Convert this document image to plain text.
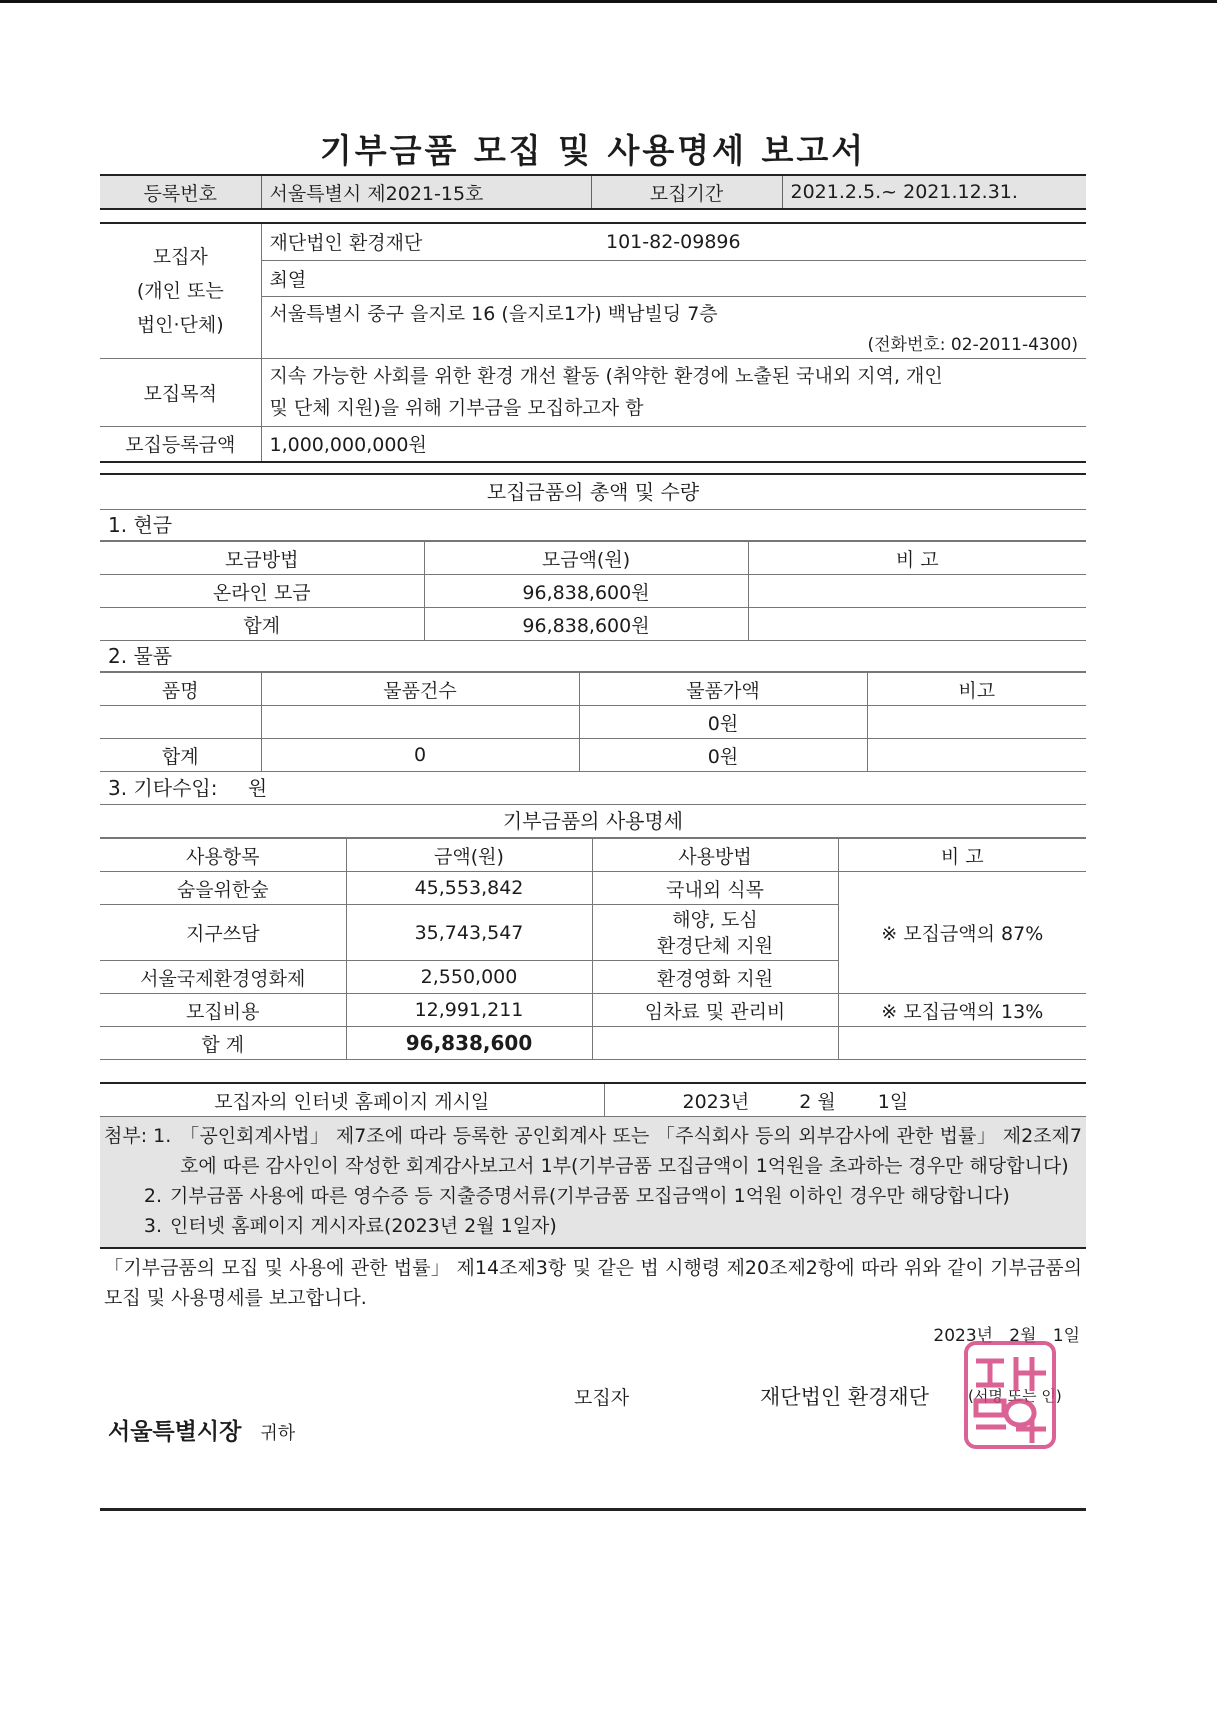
기부금품 모집 및 사용명세 보고서
등록번호	서울특별시 제2021-15호	모집기간	2021.2.5.~ 2021.12.31.
모집자
(개인 또는
법인·단체)	재단법인 환경재단	101-82-09896
	최열	
	서울특별시 중구 을지로 16 (을지로1가) 백남빌딩 7층	
	(전화번호: 02-2011-4300)	
모집목적	지속 가능한 사회를 위한 환경 개선 활동 (취약한 환경에 노출된 국내외 지역, 개인
및 단체 지원)을 위해 기부금을 모집하고자 함	

모집등록금액	1,000,000,000원	
모집금품의 총액 및 수량
1. 현금
모금방법	모금액(원)	비 고
온라인 모금	96,838,600원	
합계	96,838,600원	
2. 물품
품명	물품건수	물품가액	비고
		0원	
합계	0	0원	
3. 기타수입: 원
기부금품의 사용명세
사용항목	금액(원)	사용방법	비 고
숨을위한숲	45,553,842	국내외 식목	※ 모집금액의 87%
지구쓰담	35,743,547	해양, 도심
환경단체 지원	

서울국제환경영화제	2,550,000	환경영화 지원	
모집비용	12,991,211	임차료 및 관리비	※ 모집금액의 13%
합 계	96,838,600		
모집자의 인터넷 홈페이지 게시일	2023년	2 월 1일
첨부: 1. 「공인회계사법」 제7조에 따라 등록한 공인회계사 또는 「주식회사 등의 외부감사에 관한 법률」 제2조제7호에 따른 감사인이 작성한 회계감사보고서 1부(기부금품 모집금액이 1억원을 초과하는 경우만 해당합니다)
2. 기부금품 사용에 따른 영수증 등 지출증명서류(기부금품 모집금액이 1억원 이하인 경우만 해당합니다)
3. 인터넷 홈페이지 게시자료(2023년 2월 1일자)
「기부금품의 모집 및 사용에 관한 법률」 제14조제3항 및 같은 법 시행령 제20조제2항에 따라 위와 같이 기부금품의 모집 및 사용명세를 보고합니다.
2023년   2월   1일
모집자	재단법인 환경재단	(서명 또는 인)
서울특별시장 귀하
